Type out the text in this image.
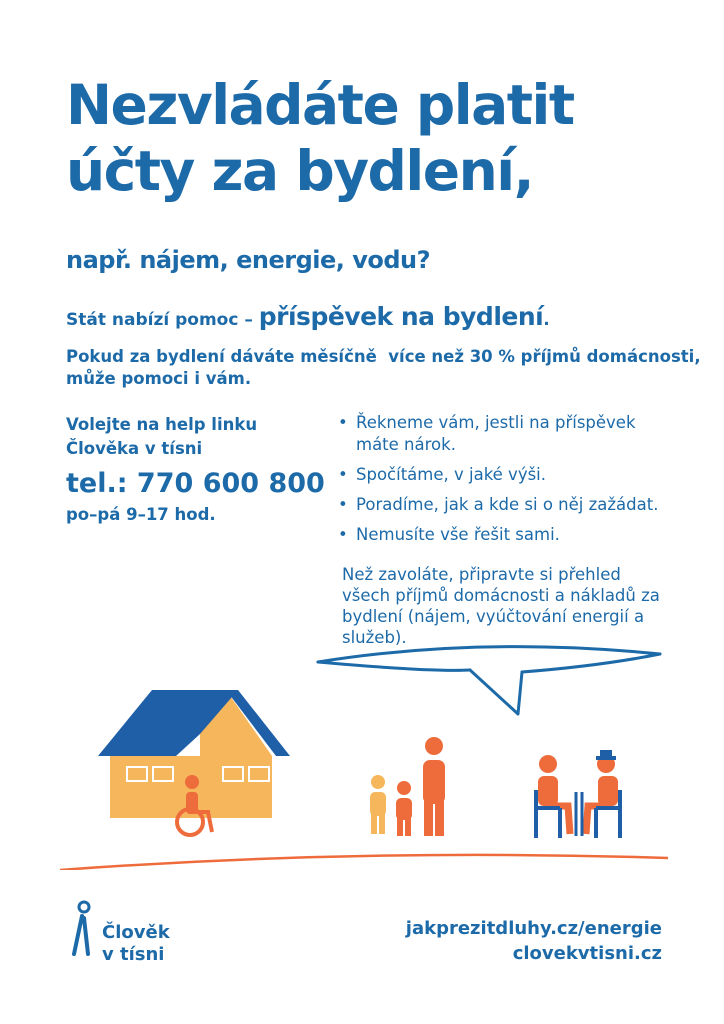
Nezvládáte platit
účty za bydlení,
např. nájem, energie, vodu?
Stát nabízí pomoc – příspěvek na bydlení.
Pokud za bydlení dáváte měsíčně  více než 30 % příjmů domácnosti,
může pomoci i vám.
Volejte na help linku
Člověka v tísni
tel.: 770 600 800
po–pá 9–17 hod.
• Řekneme vám, jestli na příspěvek máte nárok.
• Spočítáme, v jaké výši.
• Poradíme, jak a kde si o něj zažádat.
• Nemusíte vše řešit sami.
Než zavoláte, připravte si přehled všech příjmů domácnosti a nákladů za bydlení (nájem, vyúčtování energií a služeb).
Člověk
v tísni
jakprezitdluhy.cz/energie
clovekvtisni.cz
